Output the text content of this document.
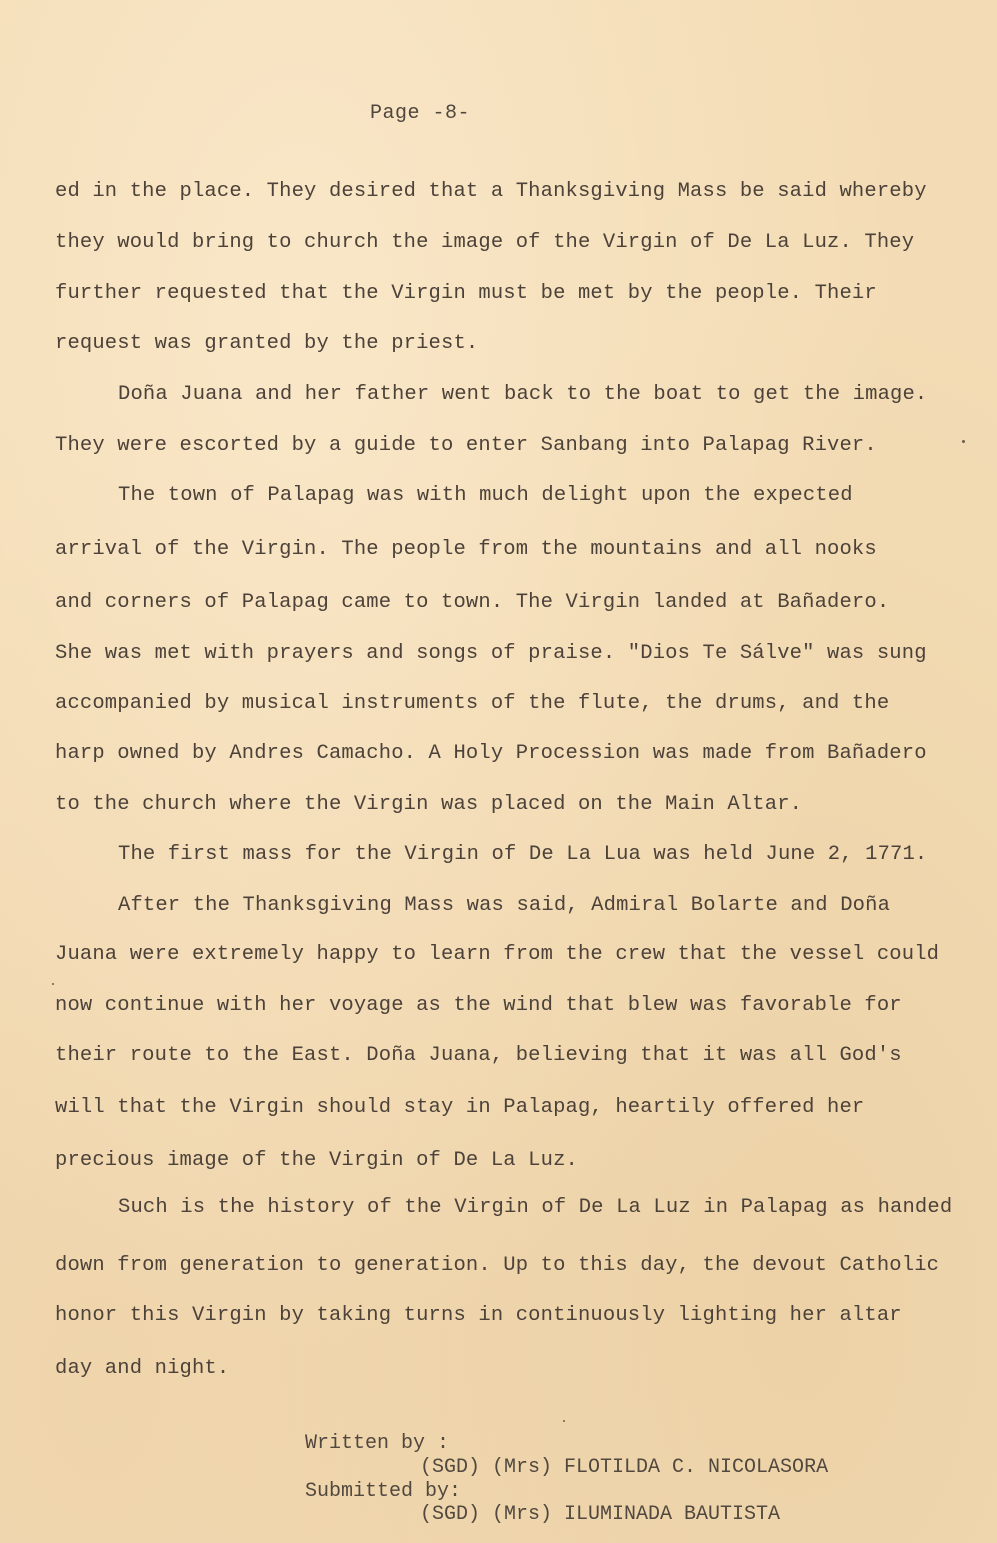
Page -8-
ed in the place. They desired that a Thanksgiving Mass be said whereby
they would bring to church the image of the Virgin of De La Luz. They
further requested that the Virgin must be met by the people. Their
request was granted by the priest.
Doña Juana and her father went back to the boat to get the image.
They were escorted by a guide to enter Sanbang into Palapag River.
The town of Palapag was with much delight upon the expected
arrival of the Virgin. The people from the mountains and all nooks
and corners of Palapag came to town. The Virgin landed at Bañadero.
She was met with prayers and songs of praise. "Dios Te Sálve" was sung
accompanied by musical instruments of the flute, the drums, and the
harp owned by Andres Camacho. A Holy Procession was made from Bañadero
to the church where the Virgin was placed on the Main Altar.
The first mass for the Virgin of De La Lua was held June 2, 1771.
After the Thanksgiving Mass was said, Admiral Bolarte and Doña
Juana were extremely happy to learn from the crew that the vessel could
now continue with her voyage as the wind that blew was favorable for
their route to the East. Doña Juana, believing that it was all God's
will that the Virgin should stay in Palapag, heartily offered her
precious image of the Virgin of De La Luz.
Such is the history of the Virgin of De La Luz in Palapag as handed
down from generation to generation. Up to this day, the devout Catholic
honor this Virgin by taking turns in continuously lighting her altar
day and night.
Written by :
(SGD) (Mrs) FLOTILDA C. NICOLASORA
Submitted by:
(SGD) (Mrs) ILUMINADA BAUTISTA
